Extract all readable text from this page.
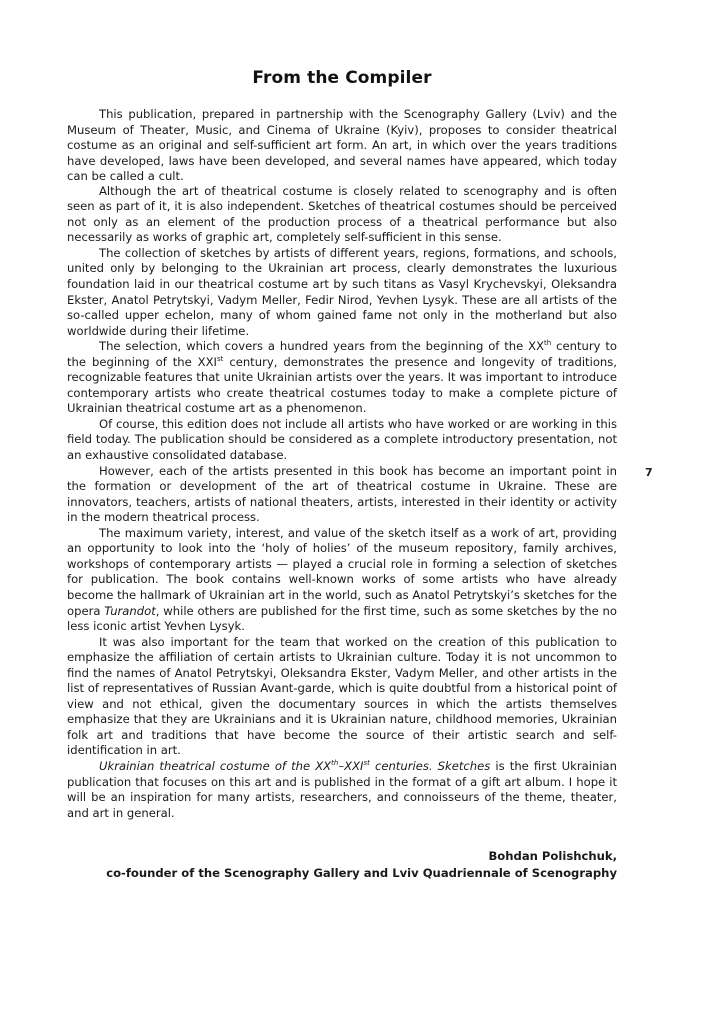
From the Compiler

This publication, prepared in partnership with the Scenography Gallery (Lviv) and the Museum of Theater, Music, and Cinema of Ukraine (Kyiv), proposes to consider theatrical costume as an original and self-sufficient art form. An art, in which over the years traditions have developed, laws have been developed, and several names have appeared, which today can be called a cult.

Although the art of theatrical costume is closely related to scenography and is often seen as part of it, it is also independent. Sketches of theatrical costumes should be perceived not only as an element of the production process of a theatrical performance but also necessarily as works of graphic art, completely self-sufficient in this sense.

The collection of sketches by artists of different years, regions, formations, and schools, united only by belonging to the Ukrainian art process, clearly demonstrates the luxurious foundation laid in our theatrical costume art by such titans as Vasyl Krychevskyi, Oleksandra Ekster, Anatol Petrytskyi, Vadym Meller, Fedir Nirod, Yevhen Lysyk. These are all artists of the so-called upper echelon, many of whom gained fame not only in the motherland but also worldwide during their lifetime.

The selection, which covers a hundred years from the beginning of the XXth century to the beginning of the XXIst century, demonstrates the presence and longevity of traditions, recognizable features that unite Ukrainian artists over the years. It was important to introduce contemporary artists who create theatrical costumes today to make a complete picture of Ukrainian theatrical costume art as a phenomenon.

Of course, this edition does not include all artists who have worked or are working in this field today. The publication should be considered as a complete introductory presentation, not an exhaustive consolidated database.

However, each of the artists presented in this book has become an important point in the formation or development of the art of theatrical costume in Ukraine. These are innovators, teachers, artists of national theaters, artists, interested in their identity or activity in the modern theatrical process.

The maximum variety, interest, and value of the sketch itself as a work of art, providing an opportunity to look into the ‘holy of holies’ of the museum repository, family archives, workshops of contemporary artists — played a crucial role in forming a selection of sketches for publication. The book contains well-known works of some artists who have already become the hallmark of Ukrainian art in the world, such as Anatol Petrytskyi’s sketches for the opera Turandot, while others are published for the first time, such as some sketches by the no less iconic artist Yevhen Lysyk.

It was also important for the team that worked on the creation of this publication to emphasize the affiliation of certain artists to Ukrainian culture. Today it is not uncommon to find the names of Anatol Petrytskyi, Oleksandra Ekster, Vadym Meller, and other artists in the list of representatives of Russian Avant-garde, which is quite doubtful from a historical point of view and not ethical, given the documentary sources in which the artists themselves emphasize that they are Ukrainians and it is Ukrainian nature, childhood memories, Ukrainian folk art and traditions that have become the source of their artistic search and self-identification in art.

Ukrainian theatrical costume of the XXth–XXIst centuries. Sketches is the first Ukrainian publication that focuses on this art and is published in the format of a gift art album. I hope it will be an inspiration for many artists, researchers, and connoisseurs of the theme, theater, and art in general.

Bohdan Polishchuk,
co-founder of the Scenography Gallery and Lviv Quadriennale of Scenography
7
